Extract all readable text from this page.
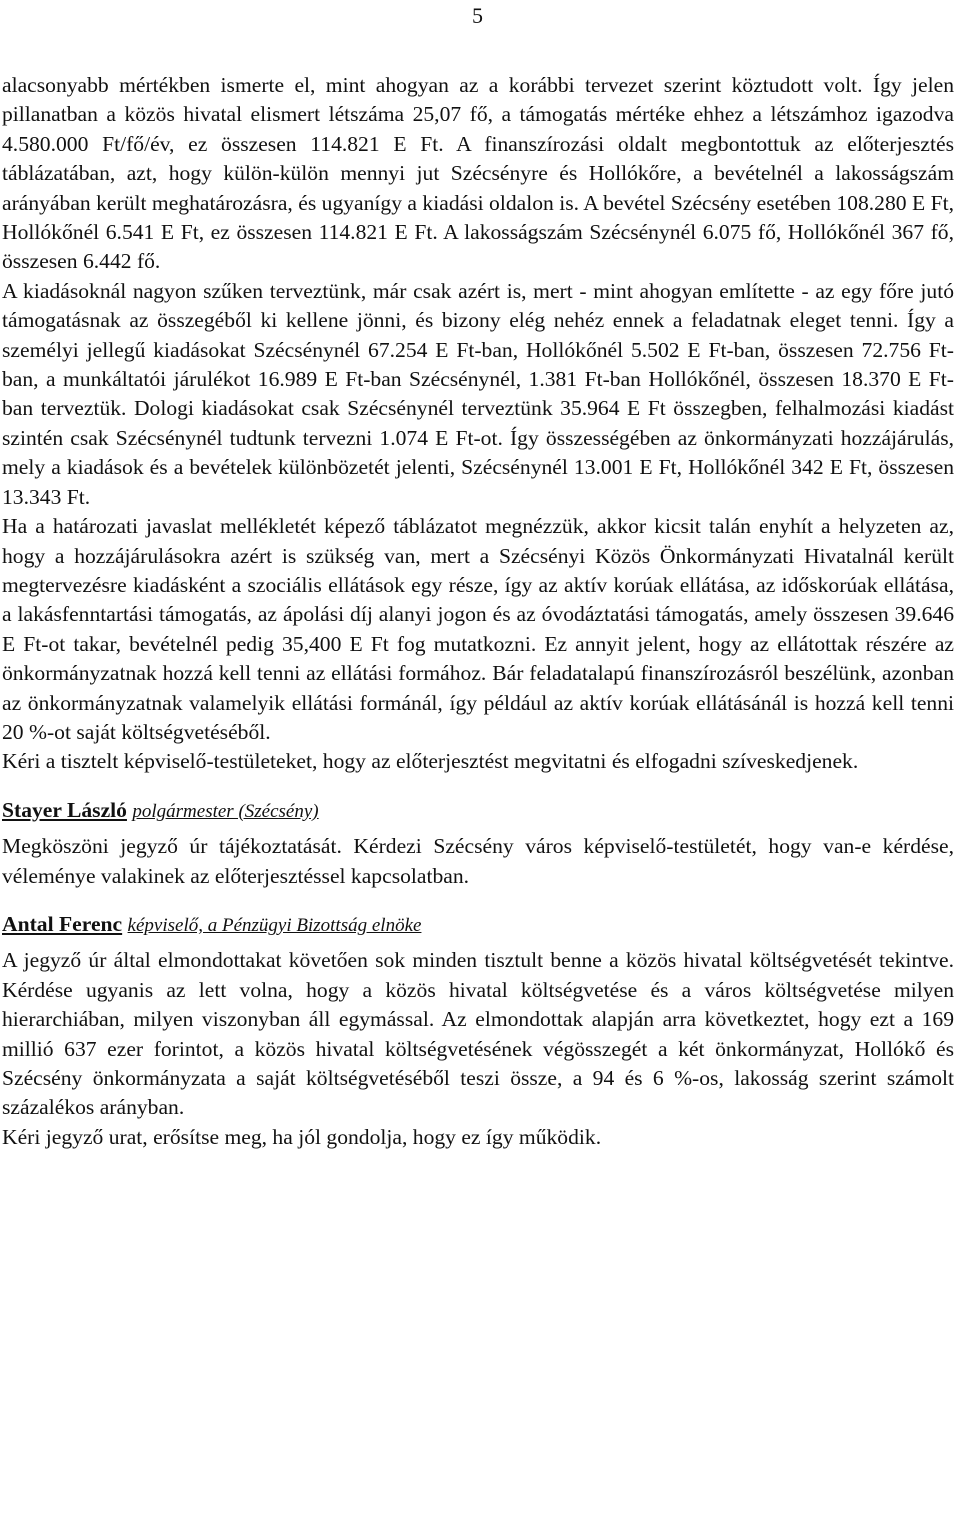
5

alacsonyabb mértékben ismerte el, mint ahogyan az a korábbi tervezet szerint köztudott volt. Így jelen pillanatban a közös hivatal elismert létszáma 25,07 fő, a támogatás mértéke ehhez a létszámhoz igazodva 4.580.000 Ft/fő/év, ez összesen 114.821 E Ft. A finanszírozási oldalt megbontottuk az előterjesztés táblázatában, azt, hogy külön-külön mennyi jut Szécsényre és Hollókőre, a bevételnél a lakosságszám arányában került meghatározásra, és ugyanígy a kiadási oldalon is. A bevétel Szécsény esetében 108.280 E Ft, Hollókőnél 6.541 E Ft, ez összesen 114.821 E Ft. A lakosságszám Szécsénynél 6.075 fő, Hollókőnél 367 fő, összesen 6.442 fő.

A kiadásoknál nagyon szűken terveztünk, már csak azért is, mert - mint ahogyan említette - az egy főre jutó támogatásnak az összegéből ki kellene jönni, és bizony elég nehéz ennek a feladatnak eleget tenni. Így a személyi jellegű kiadásokat Szécsénynél 67.254 E Ft-ban, Hollókőnél 5.502 E Ft-ban, összesen 72.756 Ft-ban, a munkáltatói járulékot 16.989 E Ft-ban Szécsénynél, 1.381 Ft-ban Hollókőnél, összesen 18.370 E Ft-ban terveztük. Dologi kiadásokat csak Szécsénynél terveztünk 35.964 E Ft összegben, felhalmozási kiadást szintén csak Szécsénynél tudtunk tervezni 1.074 E Ft-ot. Így összességében az önkormányzati hozzájárulás, mely a kiadások és a bevételek különbözetét jelenti, Szécsénynél 13.001 E Ft, Hollókőnél 342 E Ft, összesen 13.343 Ft.

Ha a határozati javaslat mellékletét képező táblázatot megnézzük, akkor kicsit talán enyhít a helyzeten az, hogy a hozzájárulásokra azért is szükség van, mert a Szécsényi Közös Önkormányzati Hivatalnál került megtervezésre kiadásként a szociális ellátások egy része, így az aktív korúak ellátása, az időskorúak ellátása, a lakásfenntartási támogatás, az ápolási díj alanyi jogon és az óvodáztatási támogatás, amely összesen 39.646 E Ft-ot takar, bevételnél pedig 35,400 E Ft fog mutatkozni. Ez annyit jelent, hogy az ellátottak részére az önkormányzatnak hozzá kell tenni az ellátási formához. Bár feladatalapú finanszírozásról beszélünk, azonban az önkormányzatnak valamelyik ellátási formánál, így például az aktív korúak ellátásánál is hozzá kell tenni 20 %-ot saját költségvetéséből.

Kéri a tisztelt képviselő-testületeket, hogy az előterjesztést megvitatni és elfogadni szíveskedjenek.

Stayer László polgármester (Szécsény)

Megköszöni jegyző úr tájékoztatását. Kérdezi Szécsény város képviselő-testületét, hogy van-e kérdése, véleménye valakinek az előterjesztéssel kapcsolatban.

Antal Ferenc képviselő, a Pénzügyi Bizottság elnöke

A jegyző úr által elmondottakat követően sok minden tisztult benne a közös hivatal költségvetését tekintve. Kérdése ugyanis az lett volna, hogy a közös hivatal költségvetése és a város költségvetése milyen hierarchiában, milyen viszonyban áll egymással. Az elmondottak alapján arra következtet, hogy ezt a 169 millió 637 ezer forintot, a közös hivatal költségvetésének végösszegét a két önkormányzat, Hollókő és Szécsény önkormányzata a saját költségvetéséből teszi össze, a 94 és 6 %-os, lakosság szerint számolt százalékos arányban.

Kéri jegyző urat, erősítse meg, ha jól gondolja, hogy ez így működik.
